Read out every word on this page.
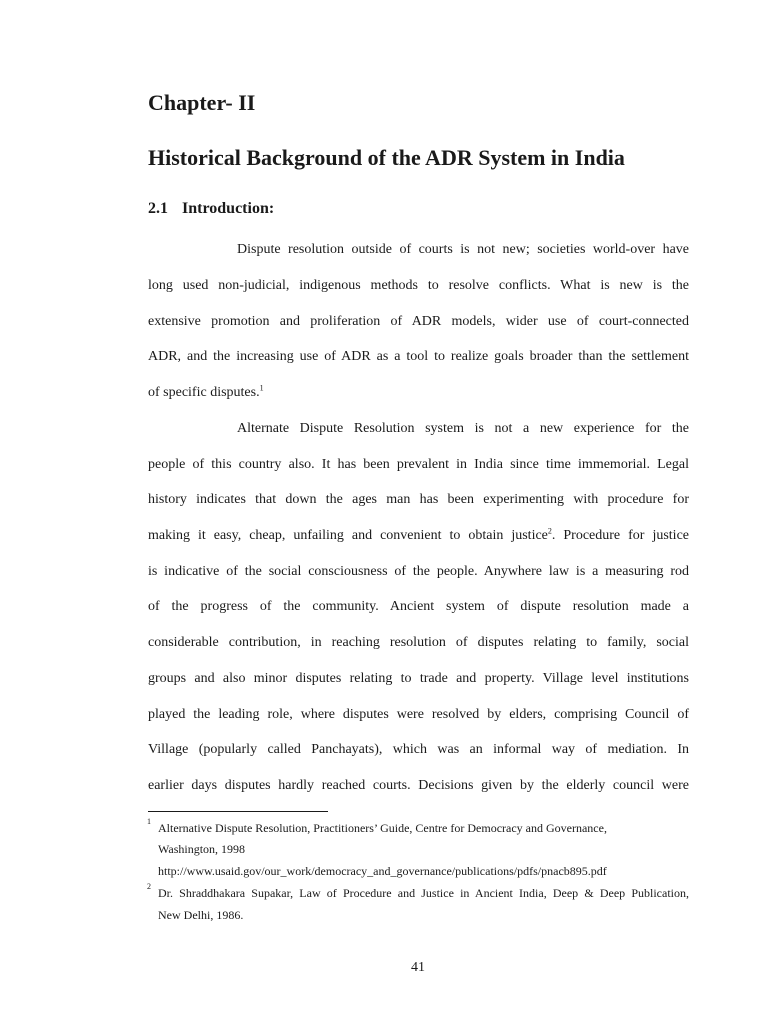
Chapter- II
Historical Background of the ADR System in India
2.1 Introduction:
Dispute resolution outside of courts is not new; societies world-over have
long used non-judicial, indigenous methods to resolve conflicts. What is new is the
extensive promotion and proliferation of ADR models, wider use of court-connected
ADR, and the increasing use of ADR as a tool to realize goals broader than the settlement
of specific disputes.$^1$
Alternate Dispute Resolution system is not a new experience for the
people of this country also. It has been prevalent in India since time immemorial. Legal
history indicates that down the ages man has been experimenting with procedure for
making it easy, cheap, unfailing and convenient to obtain justice$^2$. Procedure for justice
is indicative of the social consciousness of the people. Anywhere law is a measuring rod
of the progress of the community. Ancient system of dispute resolution made a
considerable contribution, in reaching resolution of disputes relating to family, social
groups and also minor disputes relating to trade and property. Village level institutions
played the leading role, where disputes were resolved by elders, comprising Council of
Village (popularly called Panchayats), which was an informal way of mediation. In
earlier days disputes hardly reached courts. Decisions given by the elderly council were
1 Alternative Dispute Resolution, Practitioners’ Guide, Centre for Democracy and Governance,
Washington, 1998
http://www.usaid.gov/our_work/democracy_and_governance/publications/pdfs/pnacb895.pdf
2 Dr. Shraddhakara Supakar, Law of Procedure and Justice in Ancient India, Deep & Deep Publication,
New Delhi, 1986.
41
